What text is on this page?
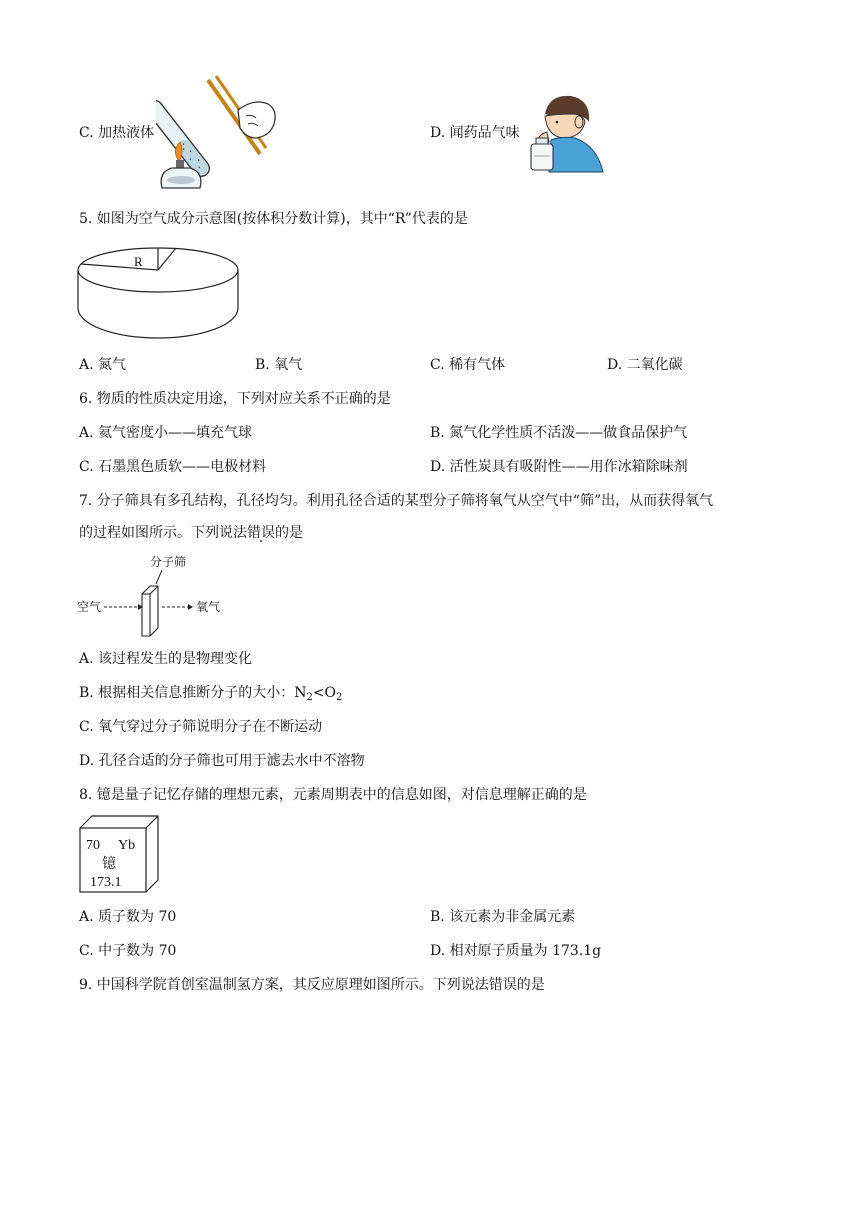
C. 加热液体	D. 闻药品气味
5. 如图为空气成分示意图(按体积分数计算)，其中“R”代表的是
R
A. 氮气	B. 氧气	C. 稀有气体	D. 二氧化碳
6. 物质的性质决定用途，下列对应关系不正确的是
A. 氦气密度小——填充气球	B. 氮气化学性质不活泼——做食品保护气
C. 石墨黑色质软——电极材料	D. 活性炭具有吸附性——用作冰箱除味剂
7. 分子筛具有多孔结构，孔径均匀。利用孔径合适的某型分子筛将氧气从空气中“筛”出，从而获得氧气
的过程如图所示。下列说法错误的是
分子筛
空气	氧气
A. 该过程发生的是物理变化
B. 根据相关信息推断分子的大小：$N_2<O_2$
C. 氧气穿过分子筛说明分子在不断运动
D. 孔径合适的分子筛也可用于滤去水中不溶物
8. 镱是量子记忆存储的理想元素，元素周期表中的信息如图，对信息理解正确的是
70 Yb
镱
173.1
A. 质子数为 70	B. 该元素为非金属元素
C. 中子数为 70	D. 相对原子质量为 173.1g
9. 中国科学院首创室温制氢方案，其反应原理如图所示。下列说法错误的是
